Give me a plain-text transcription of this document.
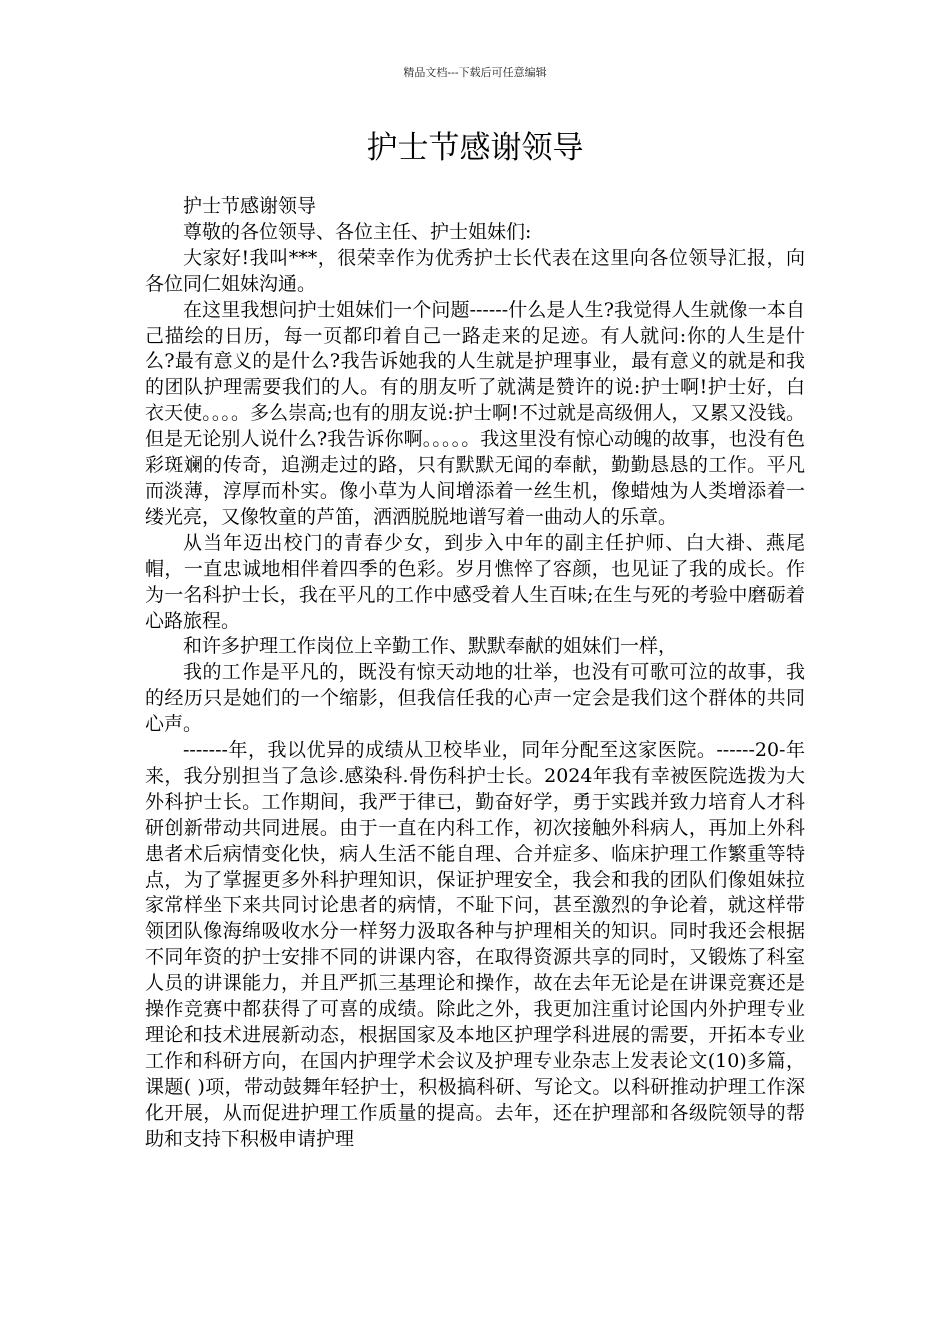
精品文档---下载后可任意编辑
护士节感谢领导

护士节感谢领导

尊敬的各位领导、各位主任、护士姐妹们:

大家好!我叫***，很荣幸作为优秀护士长代表在这里向各位领导汇报，向各位同仁姐妹沟通。

在这里我想问护士姐妹们一个问题------什么是人生?我觉得人生就像一本自己描绘的日历，每一页都印着自己一路走来的足迹。有人就问:你的人生是什么?最有意义的是什么?我告诉她我的人生就是护理事业，最有意义的就是和我的团队护理需要我们的人。有的朋友听了就满是赞许的说:护士啊!护士好，白衣天使。。。。多么崇高;也有的朋友说:护士啊!不过就是高级佣人，又累又没钱。但是无论别人说什么?我告诉你啊。。。。。我这里没有惊心动魄的故事，也没有色彩斑斓的传奇，追溯走过的路，只有默默无闻的奉献，勤勤恳恳的工作。平凡而淡薄，淳厚而朴实。像小草为人间增添着一丝生机，像蜡烛为人类增添着一缕光亮，又像牧童的芦笛，洒洒脱脱地谱写着一曲动人的乐章。

从当年迈出校门的青春少女，到步入中年的副主任护师、白大褂、燕尾帽，一直忠诚地相伴着四季的色彩。岁月憔悴了容颜，也见证了我的成长。作为一名科护士长，我在平凡的工作中感受着人生百味;在生与死的考验中磨砺着心路旅程。

和许多护理工作岗位上辛勤工作、默默奉献的姐妹们一样，

我的工作是平凡的，既没有惊天动地的壮举，也没有可歌可泣的故事，我的经历只是她们的一个缩影，但我信任我的心声一定会是我们这个群体的共同心声。

-------年，我以优异的成绩从卫校毕业，同年分配至这家医院。------20-年来，我分别担当了急诊.感染科.骨伤科护士长。2024年我有幸被医院选拨为大外科护士长。工作期间，我严于律已，勤奋好学，勇于实践并致力培育人才科研创新带动共同进展。由于一直在内科工作，初次接触外科病人，再加上外科患者术后病情变化快，病人生活不能自理、合并症多、临床护理工作繁重等特点，为了掌握更多外科护理知识，保证护理安全，我会和我的团队们像姐妹拉家常样坐下来共同讨论患者的病情，不耻下问，甚至激烈的争论着，就这样带领团队像海绵吸收水分一样努力汲取各种与护理相关的知识。同时我还会根据不同年资的护士安排不同的讲课内容，在取得资源共享的同时，又锻炼了科室人员的讲课能力，并且严抓三基理论和操作，故在去年无论是在讲课竞赛还是操作竞赛中都获得了可喜的成绩。除此之外，我更加注重讨论国内外护理专业理论和技术进展新动态，根据国家及本地区护理学科进展的需要，开拓本专业工作和科研方向，在国内护理学术会议及护理专业杂志上发表论文(10)多篇，课题( )项，带动鼓舞年轻护士，积极搞科研、写论文。以科研推动护理工作深化开展，从而促进护理工作质量的提高。去年，还在护理部和各级院领导的帮助和支持下积极申请护理
